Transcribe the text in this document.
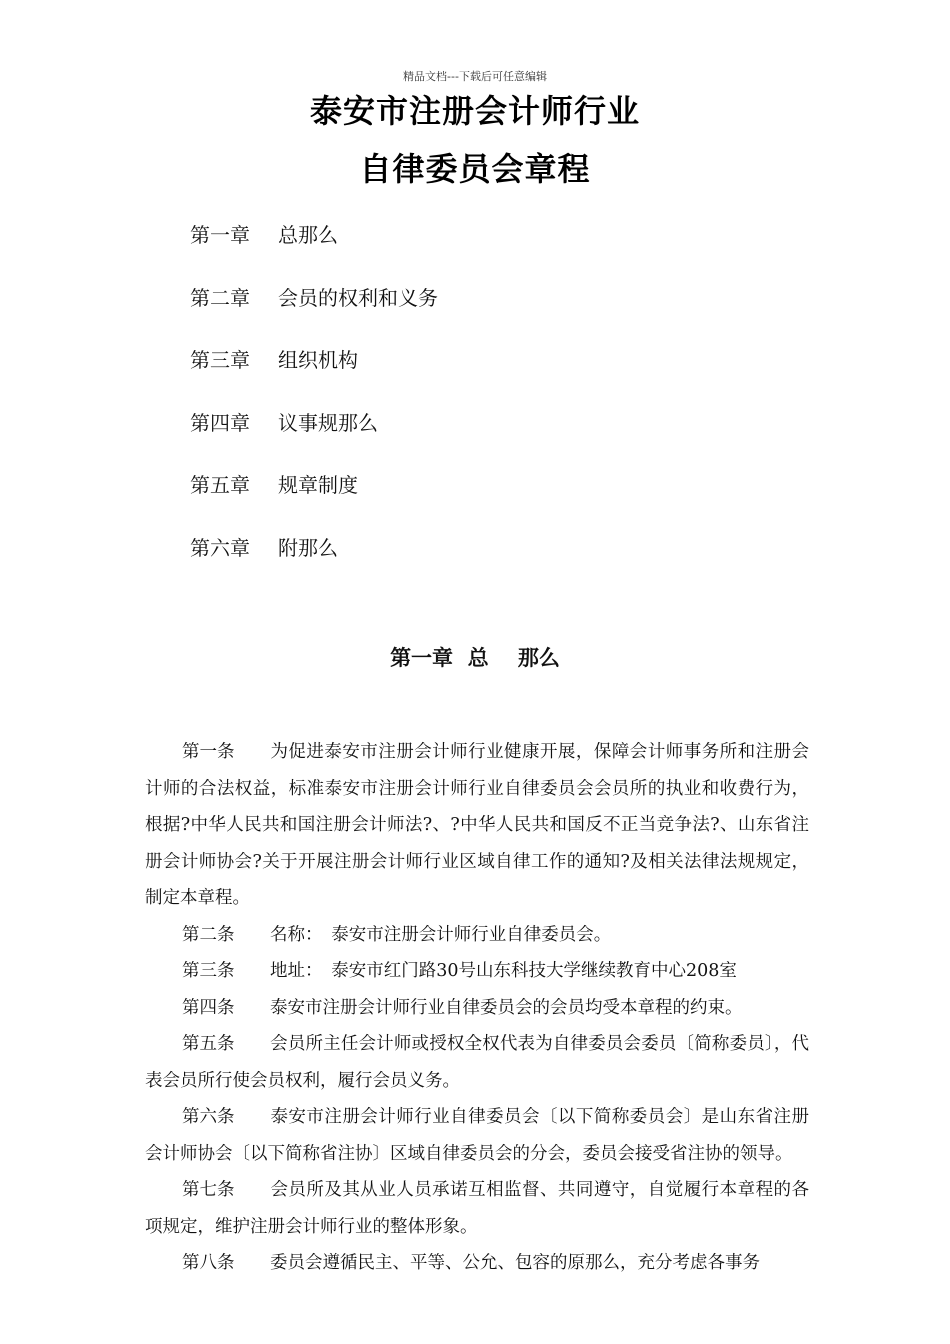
精品文档---下载后可任意编辑
泰安市注册会计师行业
自律委员会章程
第一章 总那么
第二章 会员的权利和义务
第三章 组织机构
第四章 议事规那么
第五章 规章制度
第六章 附那么
第一章  总    那么

第一条 为促进泰安市注册会计师行业健康开展，保障会计师事务所和注册会计师的合法权益，标准泰安市注册会计师行业自律委员会会员所的执业和收费行为，根据?中华人民共和国注册会计师法?、?中华人民共和国反不正当竞争法?、山东省注册会计师协会?关于开展注册会计师行业区域自律工作的通知?及相关法律法规规定，制定本章程。

第二条 名称：　泰安市注册会计师行业自律委员会。

第三条 地址：　泰安市红门路30号山东科技大学继续教育中心208室

第四条 泰安市注册会计师行业自律委员会的会员均受本章程的约束。

第五条 会员所主任会计师或授权全权代表为自律委员会委员〔简称委员〕，代表会员所行使会员权利，履行会员义务。

第六条 泰安市注册会计师行业自律委员会〔以下简称委员会〕是山东省注册会计师协会〔以下简称省注协〕区域自律委员会的分会，委员会接受省注协的领导。

第七条 会员所及其从业人员承诺互相监督、共同遵守，自觉履行本章程的各项规定，维护注册会计师行业的整体形象。

第八条 委员会遵循民主、平等、公允、包容的原那么，充分考虑各事务
